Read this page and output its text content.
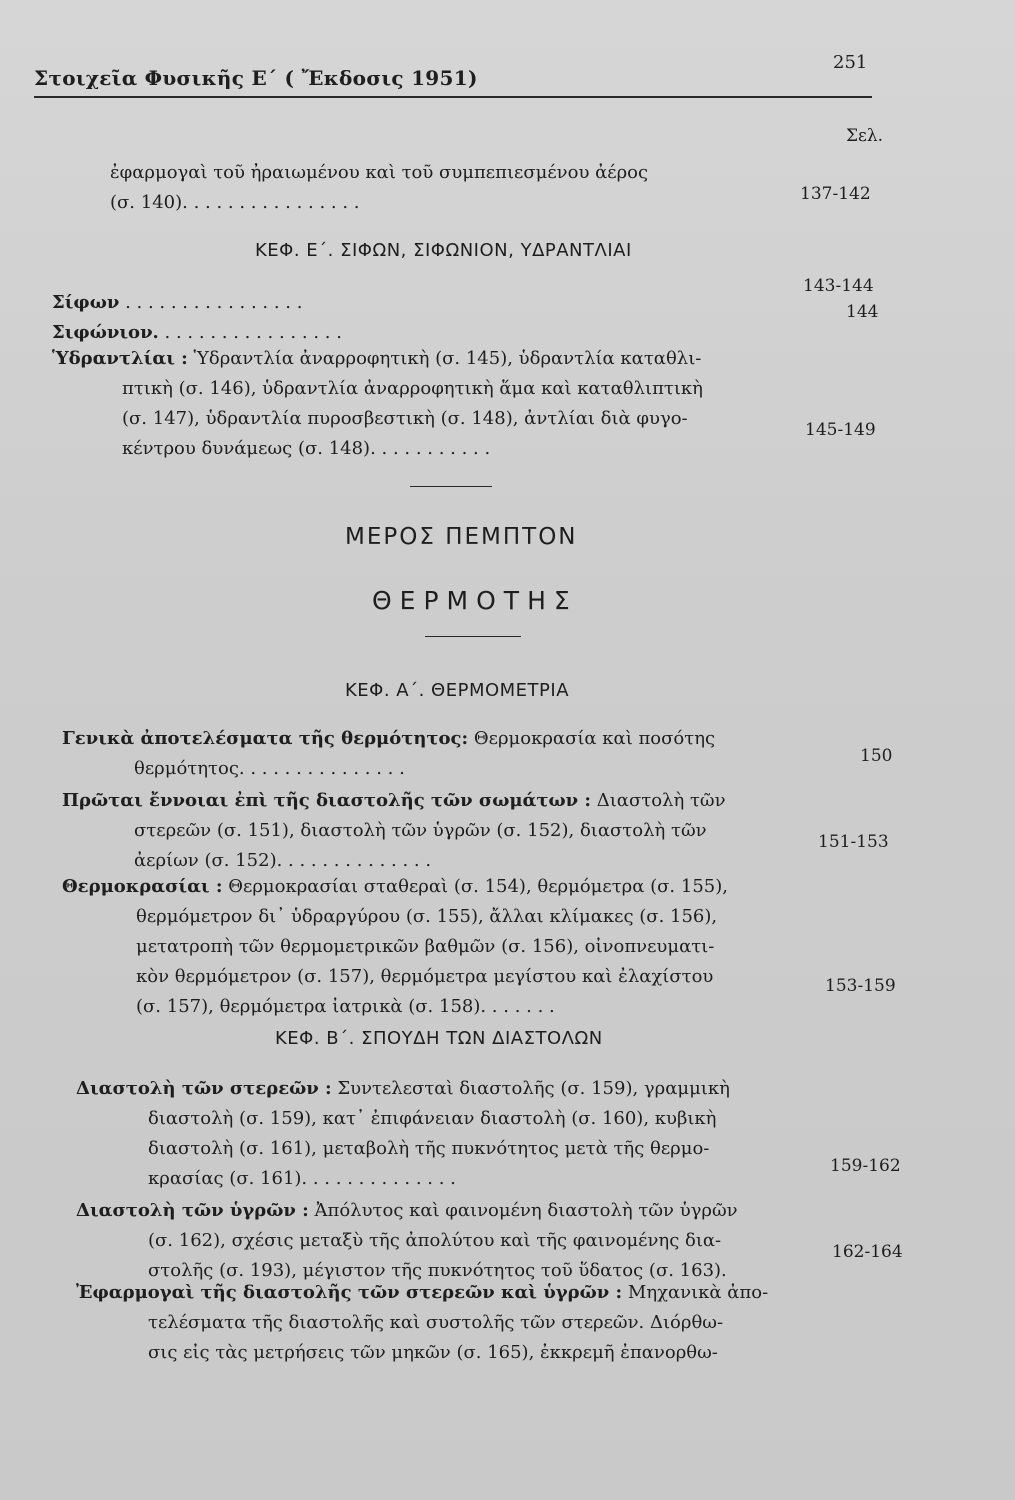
Στοιχεῖα Φυσικῆς Ε΄ ( Ἔκδοσις 1951)
251
Σελ.
ἐφαρμογαὶ τοῦ ἠραιωμένου καὶ τοῦ συμπεπιεσμένου ἀέρος
(σ. 140). . . . . . . . . . . . . . . .	137-142
ΚΕΦ. Ε΄. ΣΙΦΩΝ, ΣΙΦΩΝΙΟΝ, ΥΔΡΑΝΤΛΙΑΙ
Σίφων . . . . . . . . . . . . . . . .
143-144
Σιφώνιον. . . . . . . . . . . . . . . . .
144
Ὑδραντλίαι : Ὑδραντλία ἀναρροφητικὴ (σ. 145), ὑδραντλία καταθλι-
πτικὴ (σ. 146), ὑδραντλία ἀναρροφητικὴ ἅμα καὶ καταθλιπτικὴ
(σ. 147), ὑδραντλία πυροσβεστικὴ (σ. 148), ἀντλίαι διὰ φυγο-
κέντρου δυνάμεως (σ. 148). . . . . . . . . . .
145-149
ΜΕΡΟΣ ΠΕΜΠΤΟΝ
ΘΕΡΜΟΤΗΣ
ΚΕΦ. Α΄. ΘΕΡΜΟΜΕΤΡΙΑ
Γενικὰ ἀποτελέσματα τῆς θερμότητος: Θερμοκρασία καὶ ποσότης
θερμότητος. . . . . . . . . . . . . . .
150
Πρῶται ἔννοιαι ἐπὶ τῆς διαστολῆς τῶν σωμάτων : Διαστολὴ τῶν
στερεῶν (σ. 151), διαστολὴ τῶν ὑγρῶν (σ. 152), διαστολὴ τῶν
ἀερίων (σ. 152). . . . . . . . . . . . . .
151-153
Θερμοκρασίαι : Θερμοκρασίαι σταθεραὶ (σ. 154), θερμόμετρα (σ. 155),
θερμόμετρον δι᾽ ὑδραργύρου (σ. 155), ἄλλαι κλίμακες (σ. 156),
μετατροπὴ τῶν θερμομετρικῶν βαθμῶν (σ. 156), οἰνοπνευματι-
κὸν θερμόμετρον (σ. 157), θερμόμετρα μεγίστου καὶ ἐλαχίστου
(σ. 157), θερμόμετρα ἰατρικὰ (σ. 158). . . . . . .
153-159
ΚΕΦ. Β΄. ΣΠΟΥΔΗ ΤΩΝ ΔΙΑΣΤΟΛΩΝ
Διαστολὴ τῶν στερεῶν : Συντελεσταὶ διαστολῆς (σ. 159), γραμμικὴ
διαστολὴ (σ. 159), κατ᾽ ἐπιφάνειαν διαστολὴ (σ. 160), κυβικὴ
διαστολὴ (σ. 161), μεταβολὴ τῆς πυκνότητος μετὰ τῆς θερμο-
κρασίας (σ. 161). . . . . . . . . . . . . .
159-162
Διαστολὴ τῶν ὑγρῶν : Ἀπόλυτος καὶ φαινομένη διαστολὴ τῶν ὑγρῶν
(σ. 162), σχέσις μεταξὺ τῆς ἀπολύτου καὶ τῆς φαινομένης δια-
στολῆς (σ. 193), μέγιστον τῆς πυκνότητος τοῦ ὕδατος (σ. 163).
162-164
Ἐφαρμογαὶ τῆς διαστολῆς τῶν στερεῶν καὶ ὑγρῶν : Μηχανικὰ ἀπο-
τελέσματα τῆς διαστολῆς καὶ συστολῆς τῶν στερεῶν. Διόρθω-
σις εἰς τὰς μετρήσεις τῶν μηκῶν (σ. 165), ἐκκρεμῆ ἐπανορθω-
